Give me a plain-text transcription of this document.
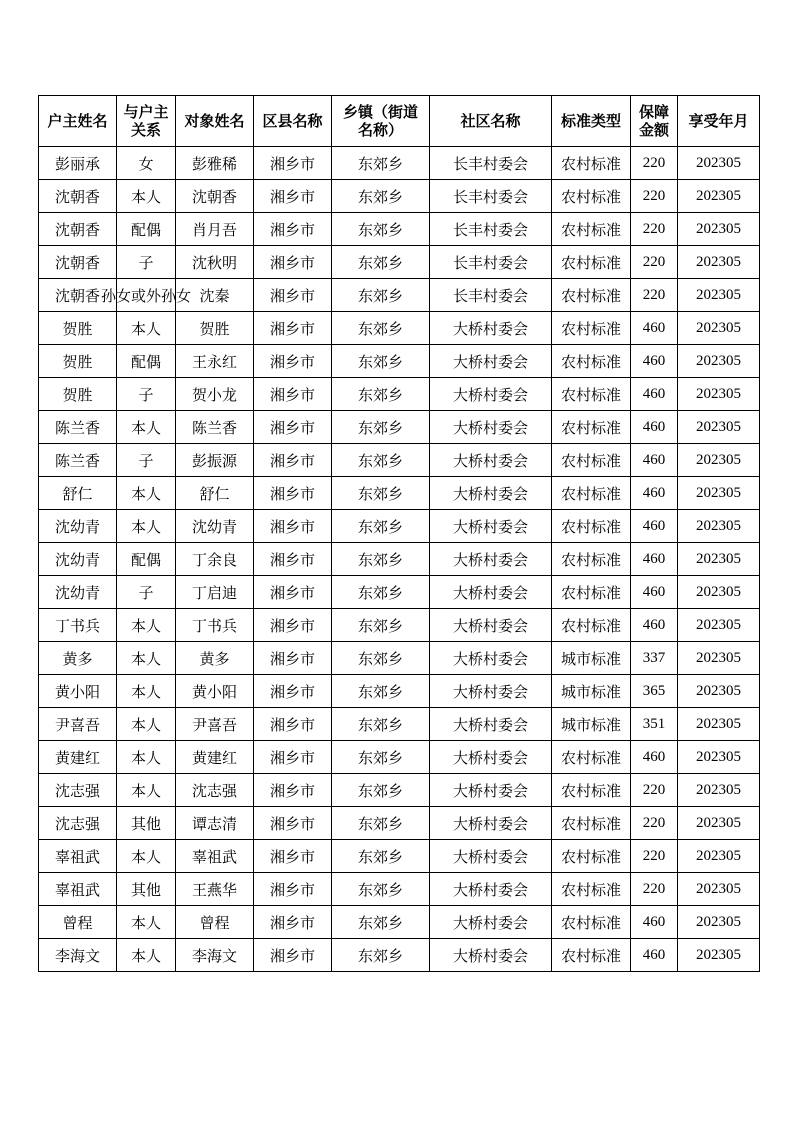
户主姓名	与户主关系	对象姓名	区县名称	乡镇（街道名称）	社区名称	标准类型	保障金额	享受年月

彭丽承	女	彭雅稀	湘乡市	东郊乡	长丰村委会	农村标准	220	202305

沈朝香	本人	沈朝香	湘乡市	东郊乡	长丰村委会	农村标准	220	202305

沈朝香	配偶	肖月吾	湘乡市	东郊乡	长丰村委会	农村标准	220	202305

沈朝香	子	沈秋明	湘乡市	东郊乡	长丰村委会	农村标准	220	202305

沈朝香	孙女或外孙女	沈秦	湘乡市	东郊乡	长丰村委会	农村标准	220	202305

贺胜	本人	贺胜	湘乡市	东郊乡	大桥村委会	农村标准	460	202305

贺胜	配偶	王永红	湘乡市	东郊乡	大桥村委会	农村标准	460	202305

贺胜	子	贺小龙	湘乡市	东郊乡	大桥村委会	农村标准	460	202305

陈兰香	本人	陈兰香	湘乡市	东郊乡	大桥村委会	农村标准	460	202305

陈兰香	子	彭振源	湘乡市	东郊乡	大桥村委会	农村标准	460	202305

舒仁	本人	舒仁	湘乡市	东郊乡	大桥村委会	农村标准	460	202305

沈幼青	本人	沈幼青	湘乡市	东郊乡	大桥村委会	农村标准	460	202305

沈幼青	配偶	丁余良	湘乡市	东郊乡	大桥村委会	农村标准	460	202305

沈幼青	子	丁启迪	湘乡市	东郊乡	大桥村委会	农村标准	460	202305

丁书兵	本人	丁书兵	湘乡市	东郊乡	大桥村委会	农村标准	460	202305

黄多	本人	黄多	湘乡市	东郊乡	大桥村委会	城市标准	337	202305

黄小阳	本人	黄小阳	湘乡市	东郊乡	大桥村委会	城市标准	365	202305

尹喜吾	本人	尹喜吾	湘乡市	东郊乡	大桥村委会	城市标准	351	202305

黄建红	本人	黄建红	湘乡市	东郊乡	大桥村委会	农村标准	460	202305

沈志强	本人	沈志强	湘乡市	东郊乡	大桥村委会	农村标准	220	202305

沈志强	其他	谭志清	湘乡市	东郊乡	大桥村委会	农村标准	220	202305

辜祖武	本人	辜祖武	湘乡市	东郊乡	大桥村委会	农村标准	220	202305

辜祖武	其他	王燕华	湘乡市	东郊乡	大桥村委会	农村标准	220	202305

曾程	本人	曾程	湘乡市	东郊乡	大桥村委会	农村标准	460	202305

李海文	本人	李海文	湘乡市	东郊乡	大桥村委会	农村标准	460	202305
